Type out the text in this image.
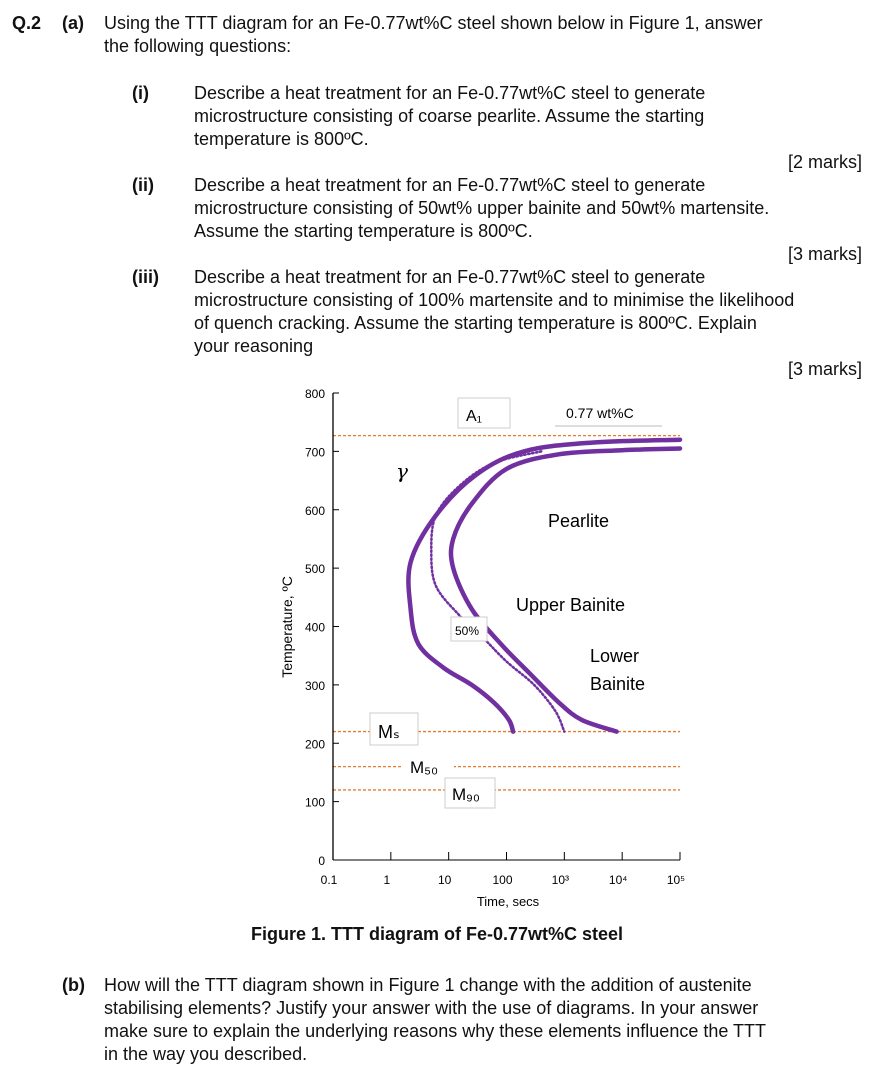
Q.2 (a) Using the TTT diagram for an Fe-0.77wt%C steel shown below in Figure 1, answer
the following questions:
(i)	Describe a heat treatment for an Fe-0.77wt%C steel to generate
microstructure consisting of coarse pearlite. Assume the starting
temperature is 800ºC.
[2 marks]
(ii) Describe a heat treatment for an Fe-0.77wt%C steel to generate
microstructure consisting of 50wt% upper bainite and 50wt% martensite.
Assume the starting temperature is 800ºC.
[3 marks]
(iii) Describe a heat treatment for an Fe-0.77wt%C steel to generate
microstructure consisting of 100% martensite and to minimise the likelihood
of quench cracking. Assume the starting temperature is 800ºC. Explain
your reasoning
[3 marks]
0
100
200
300
400
500
600
700
800
0.1	1	10	100	10³	10⁴	10⁵
Time, secs
Temperature, ºC
A₁	0.77 wt%C
γ
Pearlite
Upper Bainite
Lower
Bainite
50%
Mₛ
M₅₀
M₉₀
Figure 1. TTT diagram of Fe-0.77wt%C steel
(b) How will the TTT diagram shown in Figure 1 change with the addition of austenite
stabilising elements? Justify your answer with the use of diagrams. In your answer
make sure to explain the underlying reasons why these elements influence the TTT
in the way you described.
